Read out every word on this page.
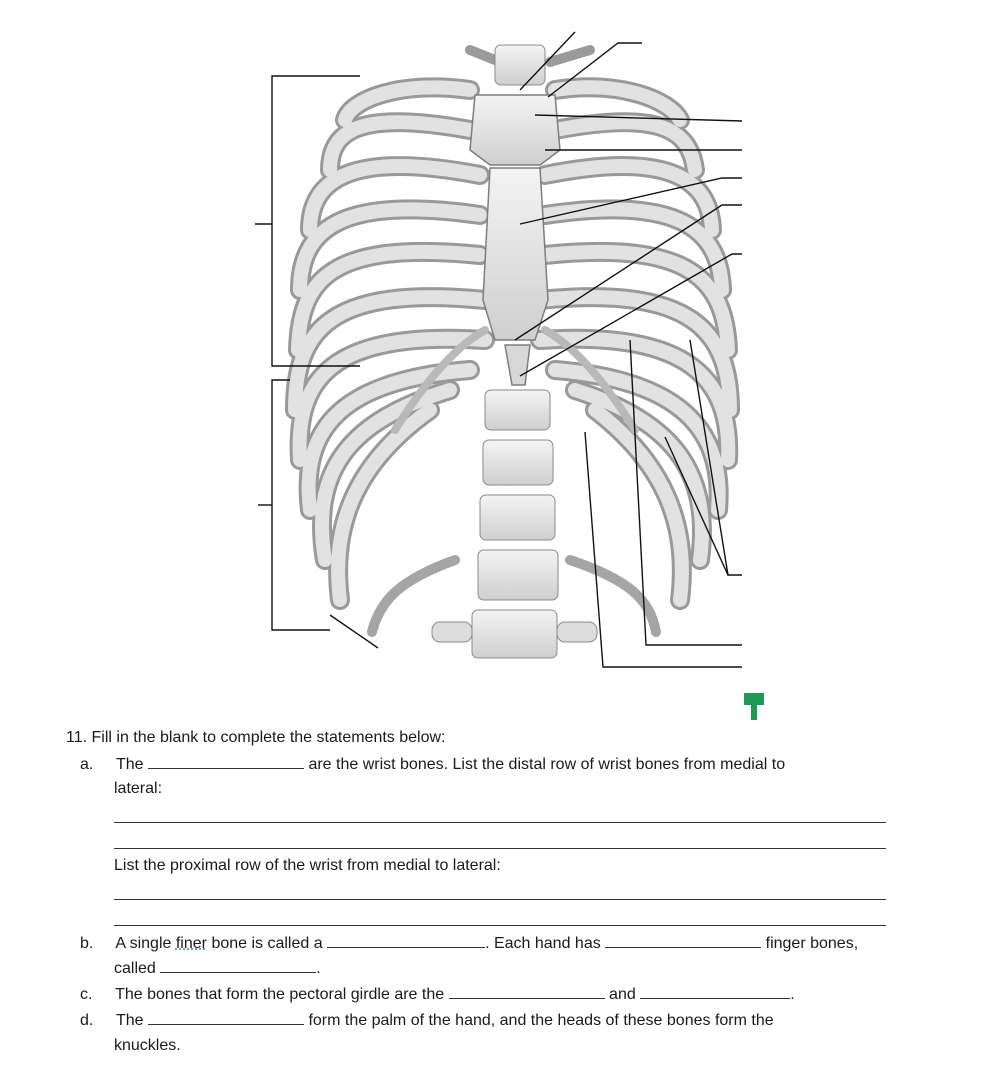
11. Fill in the blank to complete the statements below:
a. The	are the wrist bones. List the distal row of wrist bones from medial to
lateral:
List the proximal row of the wrist from medial to lateral:
b. A single finer bone is called a	. Each hand has	finger bones,
called	.
c. The bones that form the pectoral girdle are the	and	.
d. The	form the palm of the hand, and the heads of these bones form the
knuckles.
